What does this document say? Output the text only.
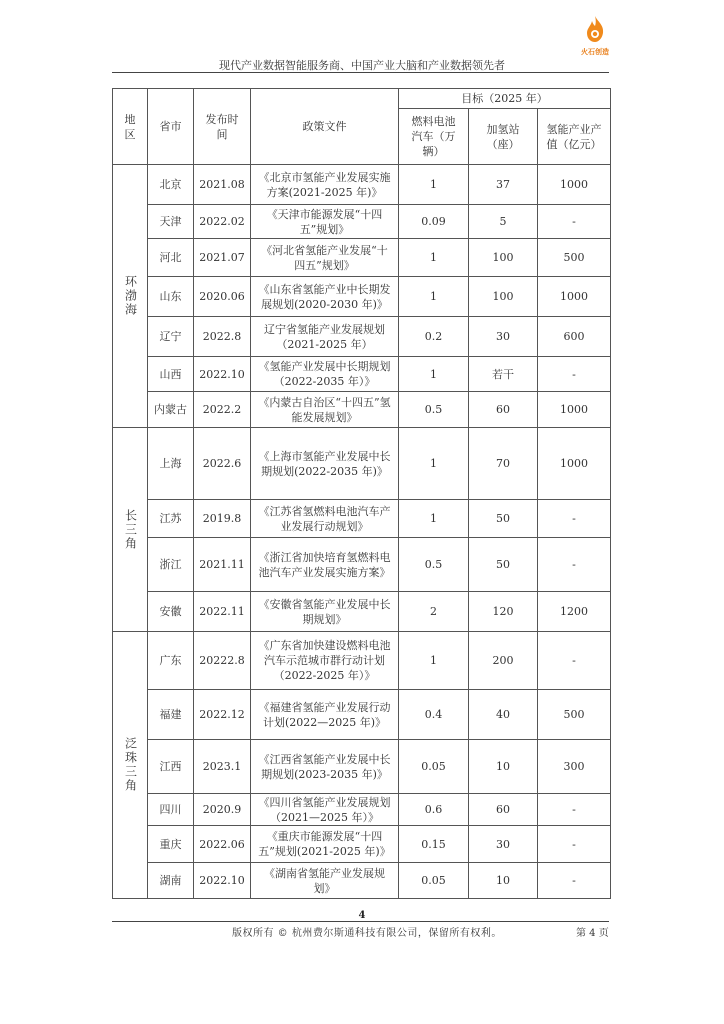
火石创造
现代产业数据智能服务商、中国产业大脑和产业数据领先者
地区	省市	发布时间	政策文件	目标（2025 年）		
				燃料电池汽车（万辆）	加氢站（座）	氢能产业产值（亿元）
环渤海	北京	2021.08	《北京市氢能产业发展实施方案(2021-2025 年)》	1	37	1000
	天津	2022.02	《天津市能源发展“十四五”规划》	0.09	5	-
	河北	2021.07	《河北省氢能产业发展“十四五”规划》	1	100	500
	山东	2020.06	《山东省氢能产业中长期发展规划(2020-2030 年)》	1	100	1000
	辽宁	2022.8	辽宁省氢能产业发展规划（2021-2025 年）	0.2	30	600
	山西	2022.10	《氢能产业发展中长期规划（2022-2035 年）》	1	若干	-
	内蒙古	2022.2	《内蒙古自治区“十四五”氢能发展规划》	0.5	60	1000
长三角	上海	2022.6	《上海市氢能产业发展中长期规划(2022-2035 年)》	1	70	1000
	江苏	2019.8	《江苏省氢燃料电池汽车产业发展行动规划》	1	50	-
	浙江	2021.11	《浙江省加快培育氢燃料电池汽车产业发展实施方案》	0.5	50	-
	安徽	2022.11	《安徽省氢能产业发展中长期规划》	2	120	1200
泛珠三角	广东	20222.8	《广东省加快建设燃料电池汽车示范城市群行动计划（2022-2025 年）》	1	200	-
	福建	2022.12	《福建省氢能产业发展行动计划(2022—2025 年)》	0.4	40	500
	江西	2023.1	《江西省氢能产业发展中长期规划(2023-2035 年)》	0.05	10	300
	四川	2020.9	《四川省氢能产业发展规划（2021—2025 年）》	0.6	60	-
	重庆	2022.06	《重庆市能源发展“十四五”规划(2021-2025 年)》	0.15	30	-
	湖南	2022.10	《湖南省氢能产业发展规划》	0.05	10	-
4
版权所有 © 杭州费尔斯通科技有限公司，保留所有权利。	第 4 页
